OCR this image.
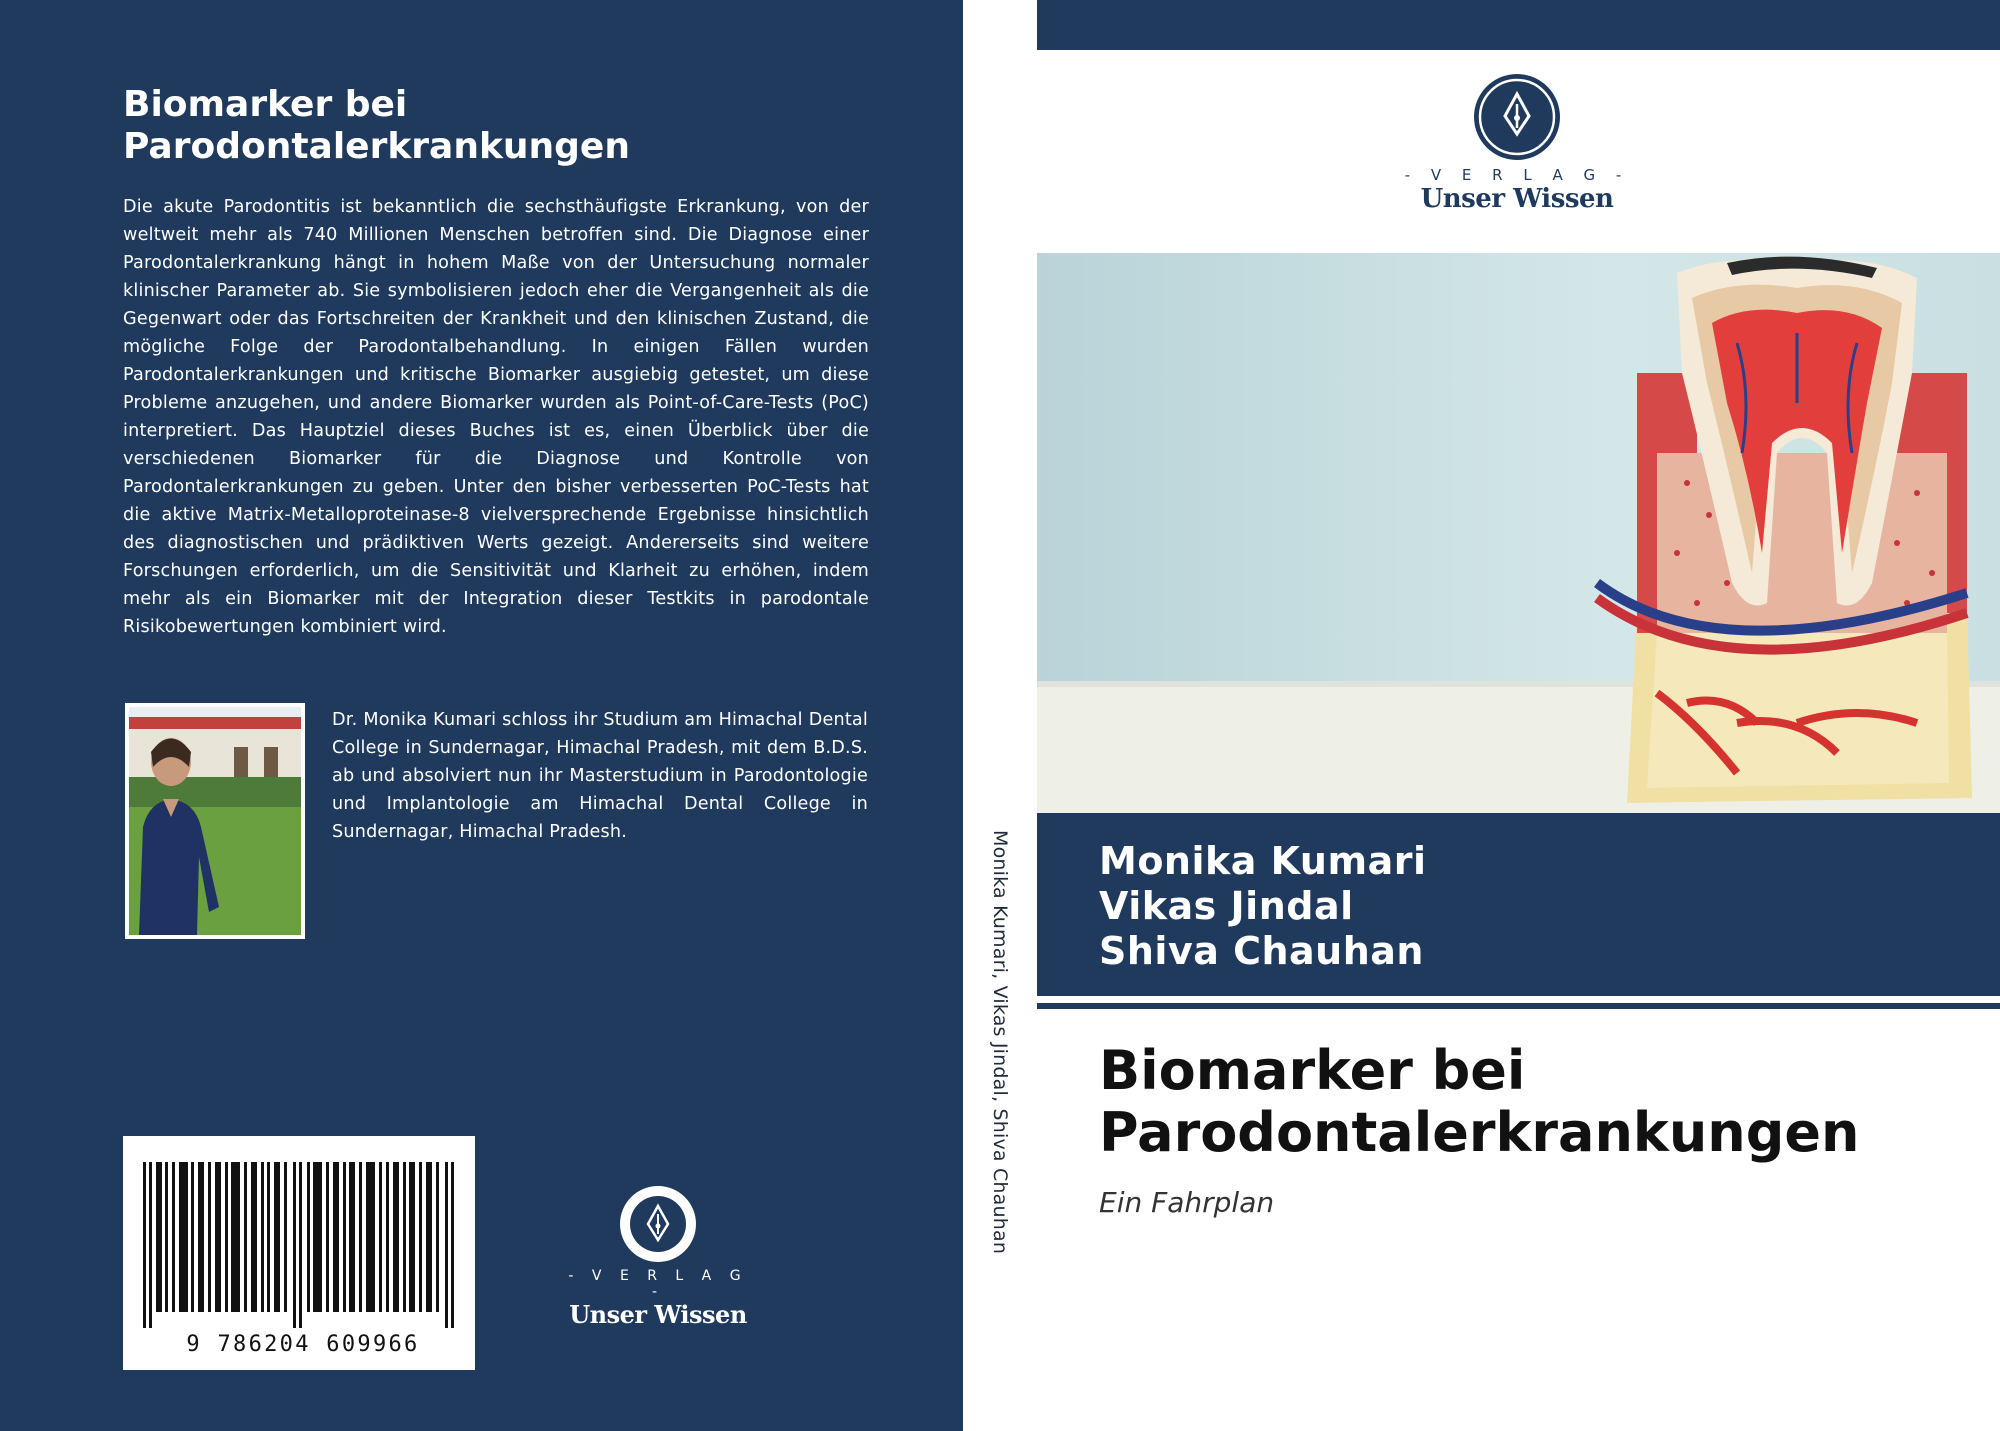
Biomarker bei
Parodontalerkrankungen

Die akute Parodontitis ist bekanntlich die sechsthäufigste Erkrankung, von der weltweit mehr als 740 Millionen Menschen betroffen sind. Die Diagnose einer Parodontalerkrankung hängt in hohem Maße von der Untersuchung normaler klinischer Parameter ab. Sie symbolisieren jedoch eher die Vergangenheit als die Gegenwart oder das Fortschreiten der Krankheit und den klinischen Zustand, die mögliche Folge der Parodontalbehandlung. In einigen Fällen wurden Parodontalerkrankungen und kritische Biomarker ausgiebig getestet, um diese Probleme anzugehen, und andere Biomarker wurden als Point-of-Care-Tests (PoC) interpretiert. Das Hauptziel dieses Buches ist es, einen Überblick über die verschiedenen Biomarker für die Diagnose und Kontrolle von Parodontalerkrankungen zu geben. Unter den bisher verbesserten PoC-Tests hat die aktive Matrix-Metalloproteinase-8 vielversprechende Ergebnisse hinsichtlich des diagnostischen und prädiktiven Werts gezeigt. Andererseits sind weitere Forschungen erforderlich, um die Sensitivität und Klarheit zu erhöhen, indem mehr als ein Biomarker mit der Integration dieser Testkits in parodontale Risikobewertungen kombiniert wird.

Dr. Monika Kumari schloss ihr Studium am Himachal Dental College in Sundernagar, Himachal Pradesh, mit dem B.D.S. ab und absolviert nun ihr Masterstudium in Parodontologie und Implantologie am Himachal Dental College in Sundernagar, Himachal Pradesh.

9 786204 609966
- V E R L A G -
Unser Wissen
Monika Kumari, Vikas Jindal, Shiva Chauhan
- V E R L A G -
Unser Wissen
Monika Kumari
Vikas Jindal
Shiva Chauhan
Biomarker bei
Parodontalerkrankungen
Ein Fahrplan
